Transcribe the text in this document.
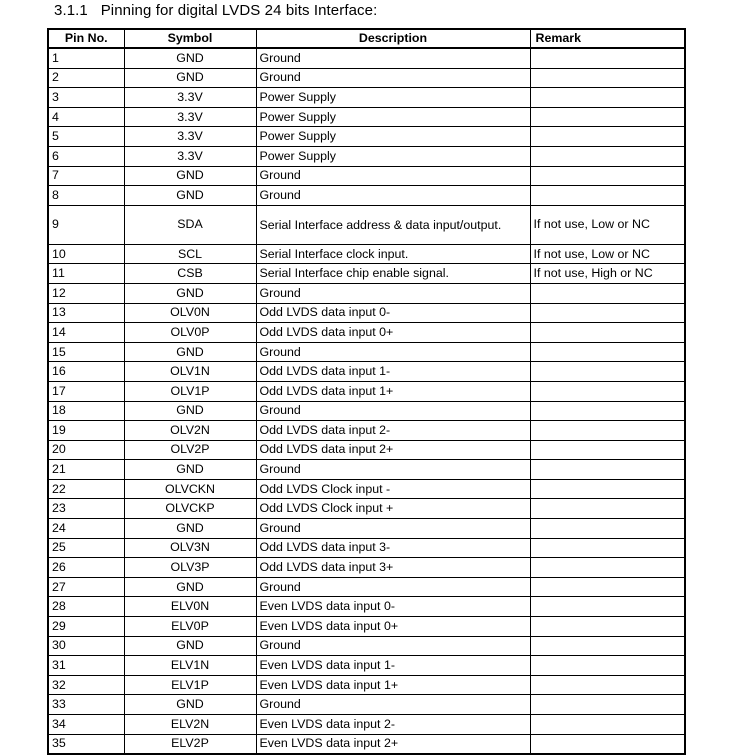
3.1.1 Pinning for digital LVDS 24 bits Interface:
Pin No.	Symbol	Description	Remark
1	GND	Ground	
2	GND	Ground	
3	3.3V	Power Supply	
4	3.3V	Power Supply	
5	3.3V	Power Supply	
6	3.3V	Power Supply	
7	GND	Ground	
8	GND	Ground	
9	SDA	Serial Interface address & data input/output.	If not use, Low or NC
10	SCL	Serial Interface clock input.	If not use, Low or NC
11	CSB	Serial Interface chip enable signal.	If not use, High or NC
12	GND	Ground	
13	OLV0N	Odd LVDS data input 0-	
14	OLV0P	Odd LVDS data input 0+	
15	GND	Ground	
16	OLV1N	Odd LVDS data input 1-	
17	OLV1P	Odd LVDS data input 1+	
18	GND	Ground	
19	OLV2N	Odd LVDS data input 2-	
20	OLV2P	Odd LVDS data input 2+	
21	GND	Ground	
22	OLVCKN	Odd LVDS Clock input -	
23	OLVCKP	Odd LVDS Clock input +	
24	GND	Ground	
25	OLV3N	Odd LVDS data input 3-	
26	OLV3P	Odd LVDS data input 3+	
27	GND	Ground	
28	ELV0N	Even LVDS data input 0-	
29	ELV0P	Even LVDS data input 0+	
30	GND	Ground	
31	ELV1N	Even LVDS data input 1-	
32	ELV1P	Even LVDS data input 1+	
33	GND	Ground	
34	ELV2N	Even LVDS data input 2-	
35	ELV2P	Even LVDS data input 2+	
